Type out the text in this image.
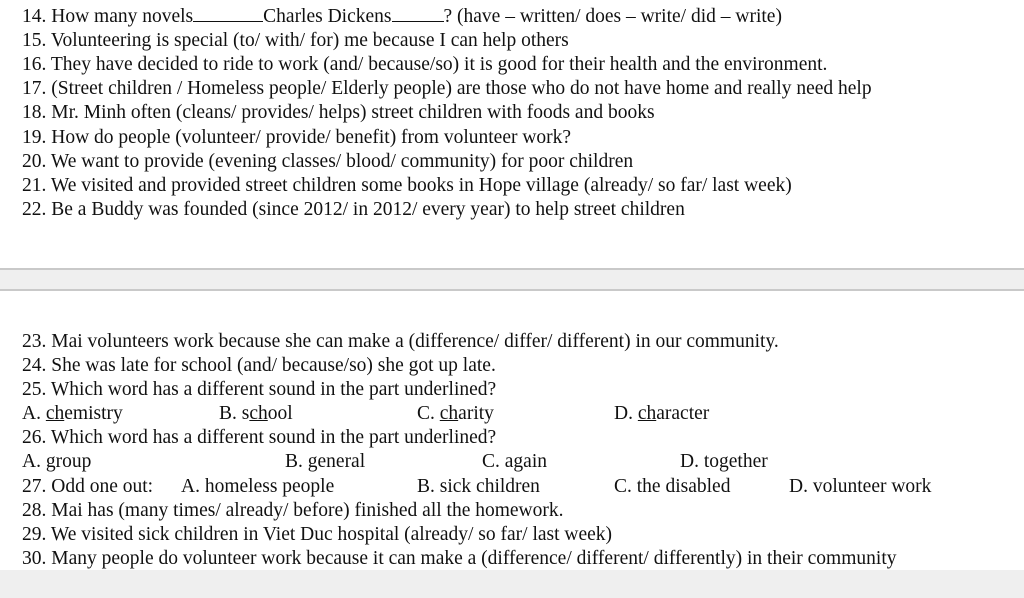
14. How many novels	Charles Dickens	? (have – written/ does – write/ did – write)
15. Volunteering is special (to/ with/ for) me because I can help others
16. They have decided to ride to work (and/ because/so) it is good for their health and the environment.
17. (Street children / Homeless people/ Elderly people) are those who do not have home and really need help
18. Mr. Minh often (cleans/ provides/ helps) street children with foods and books
19. How do people (volunteer/ provide/ benefit) from volunteer work?
20. We want to provide (evening classes/ blood/ community) for poor children
21. We visited and provided street children some books in Hope village (already/ so far/ last week)
22. Be a Buddy was founded (since 2012/ in 2012/ every year) to help street children
23. Mai volunteers work because she can make a (difference/ differ/ different) in our community.
24. She was late for school (and/ because/so) she got up late.
25. Which word has a different sound in the part underlined?
A. chemistry	B. school	C. charity	D. character
26. Which word has a different sound in the part underlined?
A. group	B. general	C. again	D. together
27. Odd one out: A. homeless people	B. sick children	C. the disabled	D. volunteer work
28. Mai has (many times/ already/ before) finished all the homework.
29. We visited sick children in Viet Duc hospital (already/ so far/ last week)
30. Many people do volunteer work because it can make a (difference/ different/ differently) in their community
